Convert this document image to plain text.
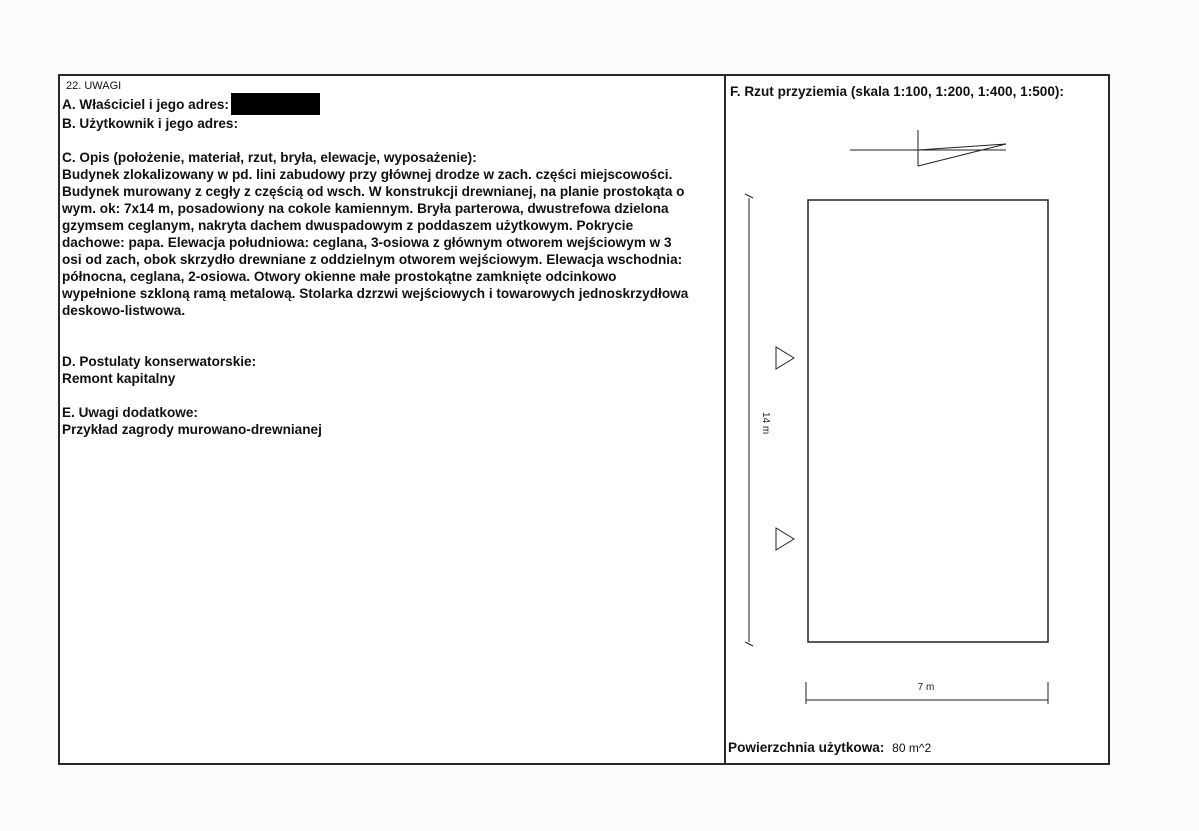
22. UWAGI
A. Właściciel i jego adres:
B. Użytkownik i jego adres:
C. Opis (położenie, materiał, rzut, bryła, elewacje, wyposażenie):
Budynek zlokalizowany w pd. lini zabudowy przy głównej drodze w zach. części miejscowości.
Budynek murowany z cegły z częścią od wsch. W konstrukcji drewnianej, na planie prostokąta o
wym. ok: 7x14 m, posadowiony na cokole kamiennym. Bryła parterowa, dwustrefowa dzielona
gzymsem ceglanym, nakryta dachem dwuspadowym z poddaszem użytkowym. Pokrycie
dachowe: papa. Elewacja południowa: ceglana, 3-osiowa z głównym otworem wejściowym w 3
osi od zach, obok skrzydło drewniane z oddzielnym otworem wejściowym. Elewacja wschodnia:
północna, ceglana, 2-osiowa. Otwory okienne małe prostokątne zamknięte odcinkowo
wypełnione szkloną ramą metalową. Stolarka dzrzwi wejściowych i towarowych jednoskrzydłowa
deskowo-listwowa.
D. Postulaty konserwatorskie:
Remont kapitalny
E. Uwagi dodatkowe:
Przykład zagrody murowano-drewnianej
F. Rzut przyziemia (skala 1:100, 1:200, 1:400, 1:500):
14 m
7 m
Powierzchnia użytkowa: 80 m^2
